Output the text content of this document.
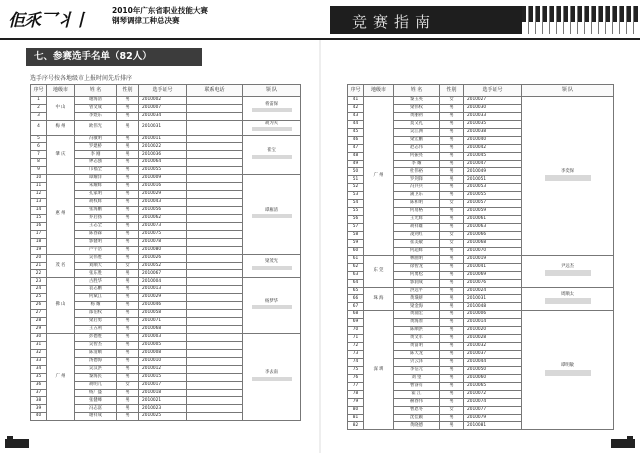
佢乑乛丬丨
2010年广东省职业技能大赛
钢琴调律工种总决赛	竞赛指南
七、参赛选手名单（82人）
选手序号按各地级市上报时间先后排序
序号	地级市	姓 名	性别	选手证号	联系电话	领 队
1	中 山	谢海清	男	2010002		将雷保

2		曾文成	男	2010007		
3		李煜东	男	2010034		
4	梅 州	欧伟光	男	2010031		胡为夫

5	肇 庆	冯敏明	男	2010011		崔宝

6		罗建桥	男	2010022		
7		李 刚	男	2010036		
8		钟志强	男	2010064		
9		邝福全	男	2010055		
10	惠 州	谭耀洋	男	2010009		谭雁清

11		朱耀辉	男	2010016		
12		孔家明	男	2010029		
13		胡权辉	男	2010043		
14		张海鹏	男	2010056		
15		乔启扬	男	2010062		
16		王志全	男	2010073		
17		陈春森	男	2010075		
18		郭健明	男	2010078		
19		卢宇浩	男	2010080		
20	茂 名	吴伟胜	男	2010026		梁茂光

21		刘顺天	女	2010052		
22		张东胜	男	2010067		
23	佛 山	古胜华	男	2010004		杨梦华

24		袁志鹏	男	2010013		
25		何斌江	男	2010029		
26		杨 耀	男	2010046		
27		邵伯权	男	2010058		
28		梁启勇	男	2010071		
29		王五利	男	2010068		
30	广 州	彭德胜	男	2010003		李去南

31		吴智杰	男	2010005		
32		陈清顺	男	2010008		
33		汤德海	男	2010010		
34		吴汉洪	男	2010012		
35		黎海民	男	2010015		
36		胡明儿	女	2010017		
37		杨广盛	男	2010018		
38		张健峰	男	2010021		
39		冯志富	男	2010023		
40		谢祥成	男	2010025		
序号	地级市	姓 名	性别	选手证号	领 队
41	广 州	黎玉英	女	2010027	李奕保

42		梁伟权	男	2010030	
43		黄丽初	男	2010033	
44		莫又礼	男	2010035	
45		吴江洲	男	2010038	
46		梁宏鹏	男	2010040	
47		赵志伟	男	2010042	
48		何振亮	男	2010045	
49		李 耀	男	2010047	
50		杜伟裕	男	2010049	
51		罗剑锋	男	2010051	
52		冯兵兵	男	2010053	
53		蒲卫东	男	2010055	
54		陈和明	女	2010057	
55		何易格	男	2010059	
56		王光辉	男	2010061	
57		胡祥雄	男	2010063	
58		凌剑红	女	2010066	
59		崔美敏	女	2010068	
60		何超辉	男	2010070	
61	东 莞	林曲明	男	2010019	尹远杰

62		徐智龙	男	2010041	
63		何勇松	男	2010069	
64		郭润成	男	2010076	
65	珠 海	洪远平	男	2010024	周顺太

66		黄璜妍	男	2010031	
67		梁金海	男	2010048	
68	深 圳	黄涌宏	男	2010006	谭明敏

69		黄海原	男	2010014	
70		陈顺洪	男	2010020	
71		黄文军	男	2010028	
72		黄富明	男	2010032	
73		陈天龙	男	2010037	
74		贝云泽	男	2010044	
75		李信元	男	2010050	
76		刘 望	男	2010060	
77		曹睿有	男	2010065	
78		霍 江	男	2010072	
79		赫春伟	男	2010074	
80		曹恩冬	女	2010077	
81		沈佳颖	男	2010079	
82		黄晓德	男	2010081	
